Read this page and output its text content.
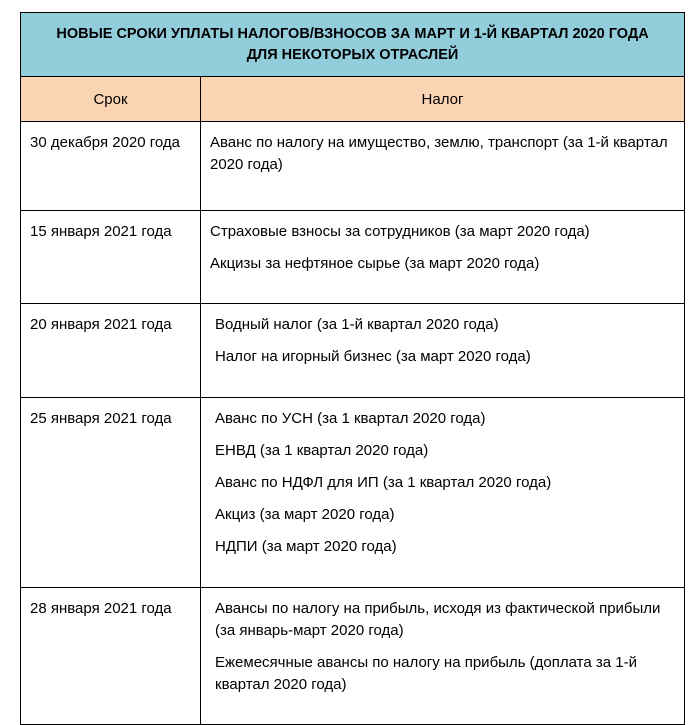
НОВЫЕ СРОКИ УПЛАТЫ НАЛОГОВ/ВЗНОСОВ ЗА МАРТ И 1-Й КВАРТАЛ 2020 ГОДА
ДЛЯ НЕКОТОРЫХ ОТРАСЛЕЙ	

Срок	Налог
30 декабря 2020 года	Аванс по налогу на имущество, землю, транспорт (за 1-й квартал 2020 года)

15 января 2021 года	Страховые взносы за сотрудников (за март 2020 года)
Акцизы за нефтяное сырье (за март 2020 года)

20 января 2021 года	Водный налог (за 1-й квартал 2020 года)
Налог на игорный бизнес (за март 2020 года)

25 января 2021 года	Аванс по УСН (за 1 квартал 2020 года)
ЕНВД (за 1 квартал 2020 года)
Аванс по НДФЛ для ИП (за 1 квартал 2020 года)
Акциз (за март 2020 года)
НДПИ (за март 2020 года)

28 января 2021 года	Авансы по налогу на прибыль, исходя из фактической прибыли (за январь-март 2020 года)
Ежемесячные авансы по налогу на прибыль (доплата за 1-й квартал 2020 года)
